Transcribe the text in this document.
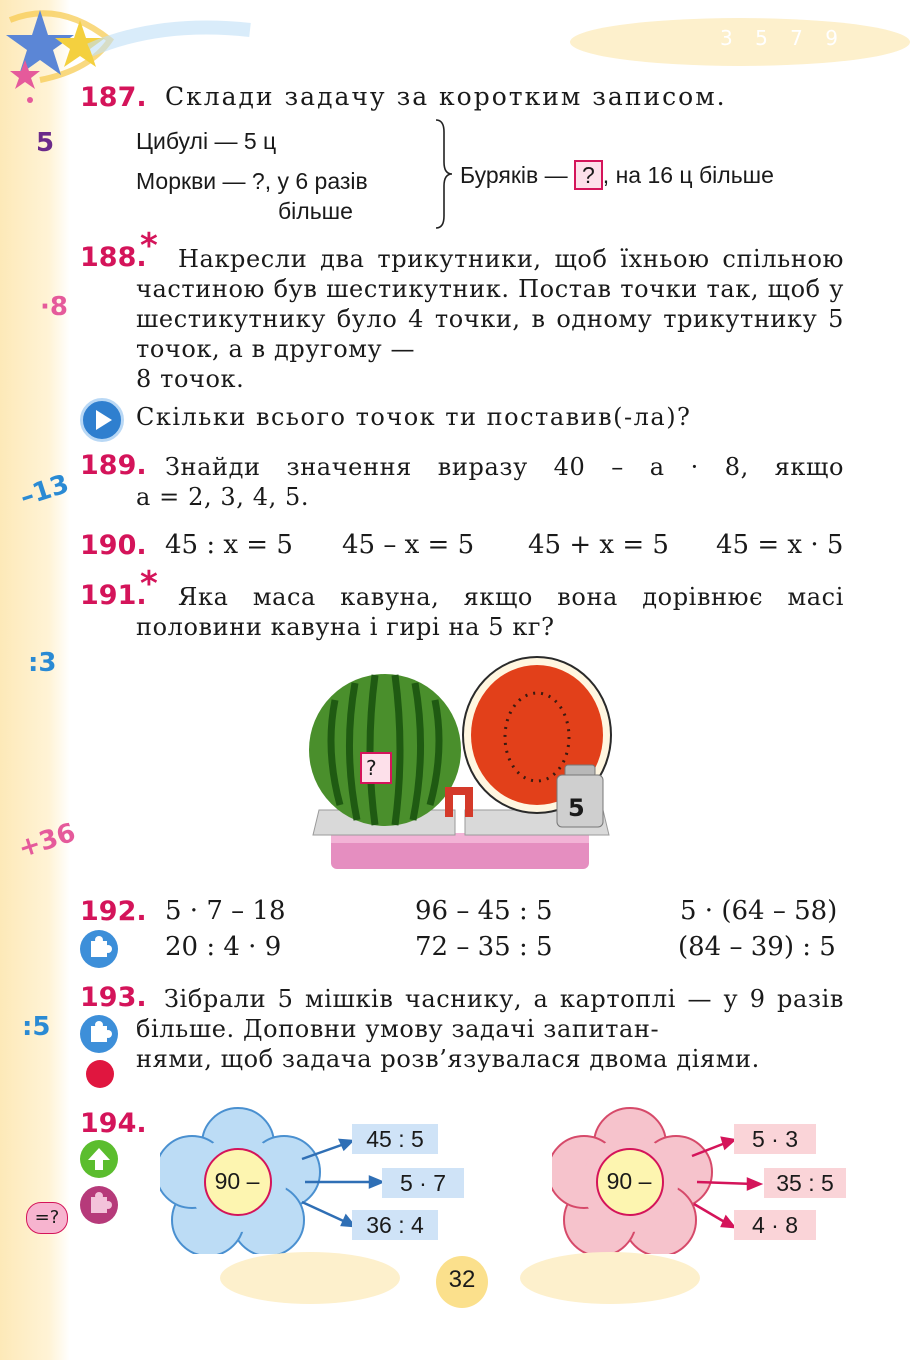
3 5 7 9
5
·8
–13
:3
+36
:5
187. Склади задачу за коротким записом.
Цибулі — 5 ц
Моркви — ?, у 6 разів
більше
Буряків — ? , на 16 ц більше
188.
* Накресли два трикутники, щоб їхньою спільною частиною був шестикутник. Постав точки так, щоб у шестикутнику було 4 точки, в одному трикутнику 5 точок, а в другому —
8 точок.
Скільки всього точок ти поставив(-ла)?
189. Знайди значення виразу 40 – a · 8, якщо
a = 2, 3, 4, 5.
190. 45 : x = 5 45 – x = 5 45 + x = 5 45 = x · 5
191.
* Яка маса кавуна, якщо вона дорівнює масі
половини кавуна і гирі на 5 кг?
?
5
192. 5 · 7 – 18	96 – 45 : 5	5 · (64 – 58)
20 : 4 · 9	72 – 35 : 5	(84 – 39) : 5
193. Зібрали 5 мішків часнику, а картоплі — у 9 разів більше. Доповни умову задачі запитан-
нями, щоб задача розв’язувалася двома діями.
194.
=?
90 –
45 : 5
5 · 7
36 : 4
90 –
5 · 3
35 : 5
4 · 8
32
